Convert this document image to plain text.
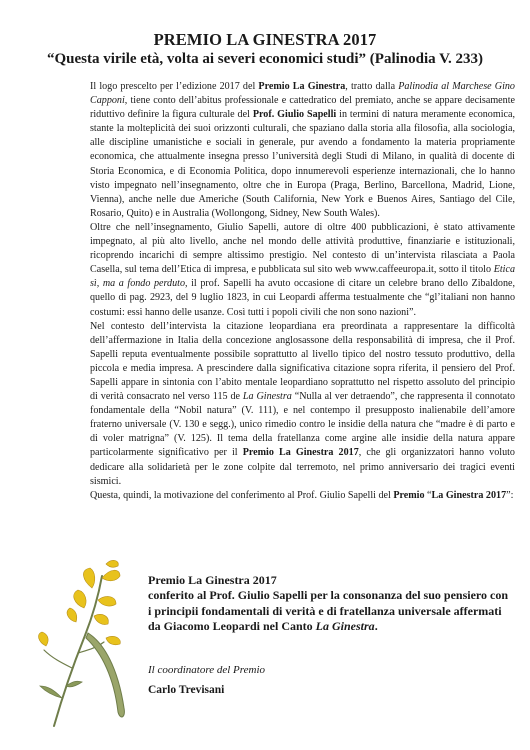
PREMIO LA GINESTRA 2017
“Questa virile età, volta ai severi economici studi” (Palinodia V. 233)

Il logo prescelto per l’edizione 2017 del Premio La Ginestra, tratto dalla Palinodia al Marchese Gino Capponi, tiene conto dell’abitus professionale e cattedratico del premiato, anche se appare decisamente riduttivo definire la figura culturale del Prof. Giulio Sapelli in termini di natura meramente economica, stante la molteplicità dei suoi orizzonti culturali, che spaziano dalla storia alla filosofia, alla sociologia, alle discipline umanistiche e sociali in generale, pur avendo a fondamento la materia propriamente economica, che attualmente insegna presso l’università degli Studi di Milano, in qualità di docente di Storia Economica, e di Economia Politica, dopo innumerevoli esperienze internazionali, che lo hanno visto impegnato nell’insegnamento, oltre che in Europa (Praga, Berlino, Barcellona, Madrid, Lione, Vienna), anche nelle due Americhe (South California, New York e Buenos Aires, Santiago del Cile, Rosario, Quito) e in Australia (Wollongong, Sidney, New South Wales).

Oltre che nell’insegnamento, Giulio Sapelli, autore di oltre 400 pubblicazioni, è stato attivamente impegnato, al più alto livello, anche nel mondo delle attività produttive, finanziarie e istituzionali, ricoprendo incarichi di sempre altissimo prestigio. Nel contesto di un’intervista rilasciata a Paola Casella, sul tema dell’Etica di impresa, e pubblicata sul sito web www.caffeeuropa.it, sotto il titolo Etica sì, ma a fondo perduto, il prof. Sapelli ha avuto occasione di citare un celebre brano dello Zibaldone, quello di pag. 2923, del 9 luglio 1823, in cui Leopardi afferma testualmente che “gl’italiani non hanno costumi: essi hanno delle usanze. Così tutti i popoli civili che non sono nazioni”.

Nel contesto dell’intervista la citazione leopardiana era preordinata a rappresentare la difficoltà dell’affermazione in Italia della concezione anglosassone della responsabilità di impresa, che il Prof. Sapelli reputa eventualmente possibile soprattutto al livello tipico del nostro tessuto produttivo, della piccola e media impresa. A prescindere dalla significativa citazione sopra riferita, il pensiero del Prof. Sapelli appare in sintonia con l’abito mentale leopardiano soprattutto nel rispetto assoluto del principio di verità consacrato nel verso 115 de La Ginestra “Nulla al ver detraendo”, che rappresenta il connotato fondamentale della “Nobil natura” (V. 111), e nel contempo il presupposto inalienabile dell’amore fraterno universale (V. 130 e segg.), unico rimedio contro le insidie della natura che “madre è di parto e di voler matrigna” (V. 125). Il tema della fratellanza come argine alle insidie della natura appare particolarmente significativo per il Premio La Ginestra 2017, che gli organizzatori hanno voluto dedicare alla solidarietà per le zone colpite dal terremoto, nel primo anniversario dei tragici eventi sismici.

Questa, quindi, la motivazione del conferimento al Prof. Giulio Sapelli del Premio “La Ginestra 2017”:

Premio La Ginestra 2017
conferito al Prof. Giulio Sapelli per la consonanza del suo pensiero con i principii fondamentali di verità e di fratellanza universale affermati da Giacomo Leopardi nel Canto La Ginestra.
Il coordinatore del Premio
Carlo Trevisani
